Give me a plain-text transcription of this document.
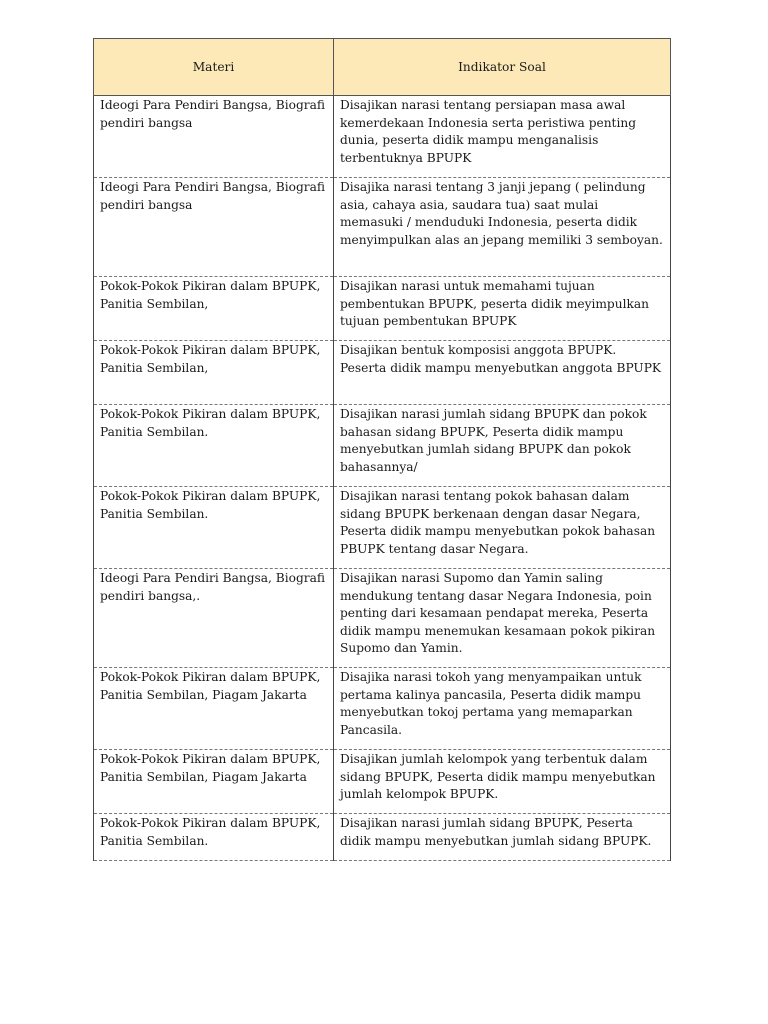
Materi	Indikator Soal
Ideogi Para Pendiri Bangsa, Biografi pendiri bangsa	Disajikan narasi tentang persiapan masa awal kemerdekaan Indonesia serta peristiwa penting dunia, peserta didik mampu menganalisis terbentuknya BPUPK
Ideogi Para Pendiri Bangsa, Biografi pendiri bangsa	Disajika narasi tentang 3 janji jepang ( pelindung asia, cahaya asia, saudara tua) saat mulai memasuki / menduduki Indonesia, peserta didik menyimpulkan alas an jepang memiliki 3 semboyan.
Pokok-Pokok Pikiran dalam BPUPK, Panitia Sembilan,	Disajikan narasi untuk memahami tujuan pembentukan BPUPK, peserta didik meyimpulkan tujuan pembentukan BPUPK
Pokok-Pokok Pikiran dalam BPUPK, Panitia Sembilan,	Disajikan bentuk komposisi anggota BPUPK. Peserta didik mampu menyebutkan anggota BPUPK
Pokok-Pokok Pikiran dalam BPUPK, Panitia Sembilan.	Disajikan narasi jumlah sidang BPUPK dan pokok bahasan sidang BPUPK, Peserta didik mampu menyebutkan jumlah sidang BPUPK dan pokok bahasannya/
Pokok-Pokok Pikiran dalam BPUPK, Panitia Sembilan.	Disajikan narasi tentang pokok bahasan dalam sidang BPUPK berkenaan dengan dasar Negara, Peserta didik mampu menyebutkan pokok bahasan PBUPK tentang dasar Negara.
Ideogi Para Pendiri Bangsa, Biografi pendiri bangsa,.	Disajikan narasi Supomo dan Yamin saling mendukung tentang dasar Negara Indonesia, poin penting dari kesamaan pendapat mereka, Peserta didik mampu menemukan kesamaan pokok pikiran Supomo dan Yamin.
Pokok-Pokok Pikiran dalam BPUPK, Panitia Sembilan, Piagam Jakarta	Disajika narasi tokoh yang menyampaikan untuk pertama kalinya pancasila, Peserta didik mampu menyebutkan tokoj pertama yang memaparkan Pancasila.
Pokok-Pokok Pikiran dalam BPUPK, Panitia Sembilan, Piagam Jakarta	Disajikan jumlah kelompok yang terbentuk dalam sidang BPUPK, Peserta didik mampu menyebutkan jumlah kelompok BPUPK.
Pokok-Pokok Pikiran dalam BPUPK, Panitia Sembilan.	Disajikan narasi jumlah sidang BPUPK, Peserta didik mampu menyebutkan jumlah sidang BPUPK.
